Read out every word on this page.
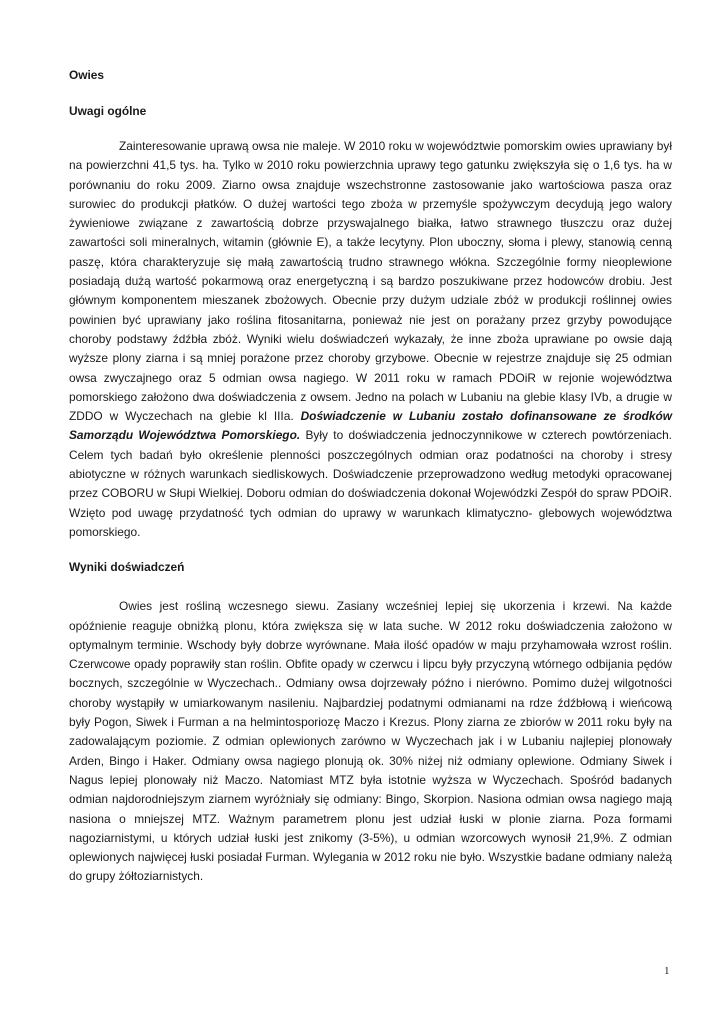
Owies
Uwagi ogólne

Zainteresowanie uprawą owsa nie maleje. W 2010 roku w województwie pomorskim owies uprawiany był na powierzchni 41,5 tys. ha. Tylko w 2010 roku powierzchnia uprawy tego gatunku zwiększyła się o 1,6 tys. ha w porównaniu do roku 2009. Ziarno owsa znajduje wszechstronne zastosowanie jako wartościowa pasza oraz surowiec do produkcji płatków. O dużej wartości tego zboża w przemyśle spożywczym decydują jego walory żywieniowe związane z zawartością dobrze przyswajalnego białka, łatwo strawnego tłuszczu oraz dużej zawartości soli mineralnych, witamin (głównie E), a także lecytyny. Plon uboczny, słoma i plewy, stanowią cenną paszę, która charakteryzuje się małą zawartością trudno strawnego włókna. Szczególnie formy nieoplewione posiadają dużą wartość pokarmową oraz energetyczną i są bardzo poszukiwane przez hodowców drobiu. Jest głównym komponentem mieszanek zbożowych. Obecnie przy dużym udziale zbóż w produkcji roślinnej owies powinien być uprawiany jako roślina fitosanitarna, ponieważ nie jest on porażany przez grzyby powodujące choroby podstawy źdźbła zbóż. Wyniki wielu doświadczeń wykazały, że inne zboża uprawiane po owsie dają wyższe plony ziarna i są mniej porażone przez choroby grzybowe. Obecnie w rejestrze znajduje się 25 odmian owsa zwyczajnego oraz 5 odmian owsa nagiego. W 2011 roku w ramach PDOiR w rejonie województwa pomorskiego założono dwa doświadczenia z owsem. Jedno na polach w Lubaniu na glebie klasy IVb, a drugie w ZDDO w Wyczechach na glebie kl IIIa. Doświadczenie w Lubaniu zostało dofinansowane ze środków Samorządu Województwa Pomorskiego. Były to doświadczenia jednoczynnikowe w czterech powtórzeniach. Celem tych badań było określenie plenności poszczególnych odmian oraz podatności na choroby i stresy abiotyczne w różnych warunkach siedliskowych. Doświadczenie przeprowadzono według metodyki opracowanej przez COBORU w Słupi Wielkiej. Doboru odmian do doświadczenia dokonał Wojewódzki Zespół do spraw PDOiR. Wzięto pod uwagę przydatność tych odmian do uprawy w warunkach klimatyczno- glebowych województwa pomorskiego.

Wyniki doświadczeń

Owies jest rośliną wczesnego siewu. Zasiany wcześniej lepiej się ukorzenia i krzewi. Na każde opóźnienie reaguje obniżką plonu, która zwiększa się w lata suche. W 2012 roku doświadczenia założono w optymalnym terminie. Wschody były dobrze wyrównane. Mała ilość opadów w maju przyhamowała wzrost roślin. Czerwcowe opady poprawiły stan roślin. Obfite opady w czerwcu i lipcu były przyczyną wtórnego odbijania pędów bocznych, szczególnie w Wyczechach.. Odmiany owsa dojrzewały późno i nierówno. Pomimo dużej wilgotności choroby wystąpiły w umiarkowanym nasileniu. Najbardziej podatnymi odmianami na rdze źdźbłową i wieńcową były Pogon, Siwek i Furman a na helmintosporiozę Maczo i Krezus. Plony ziarna ze zbiorów w 2011 roku były na zadowalającym poziomie. Z odmian oplewionych zarówno w Wyczechach jak i w Lubaniu najlepiej plonowały Arden, Bingo i Haker. Odmiany owsa nagiego plonują ok. 30% niżej niż odmiany oplewione. Odmiany Siwek i Nagus lepiej plonowały niż Maczo. Natomiast MTZ była istotnie wyższa w Wyczechach. Spośród badanych odmian najdorodniejszym ziarnem wyróżniały się odmiany: Bingo, Skorpion. Nasiona odmian owsa nagiego mają nasiona o mniejszej MTZ. Ważnym parametrem plonu jest udział łuski w plonie ziarna. Poza formami nagoziarnistymi, u których udział łuski jest znikomy (3-5%), u odmian wzorcowych wynosił 21,9%. Z odmian oplewionych najwięcej łuski posiadał Furman. Wylegania w 2012 roku nie było. Wszystkie badane odmiany należą do grupy żółtoziarnistych.

1
